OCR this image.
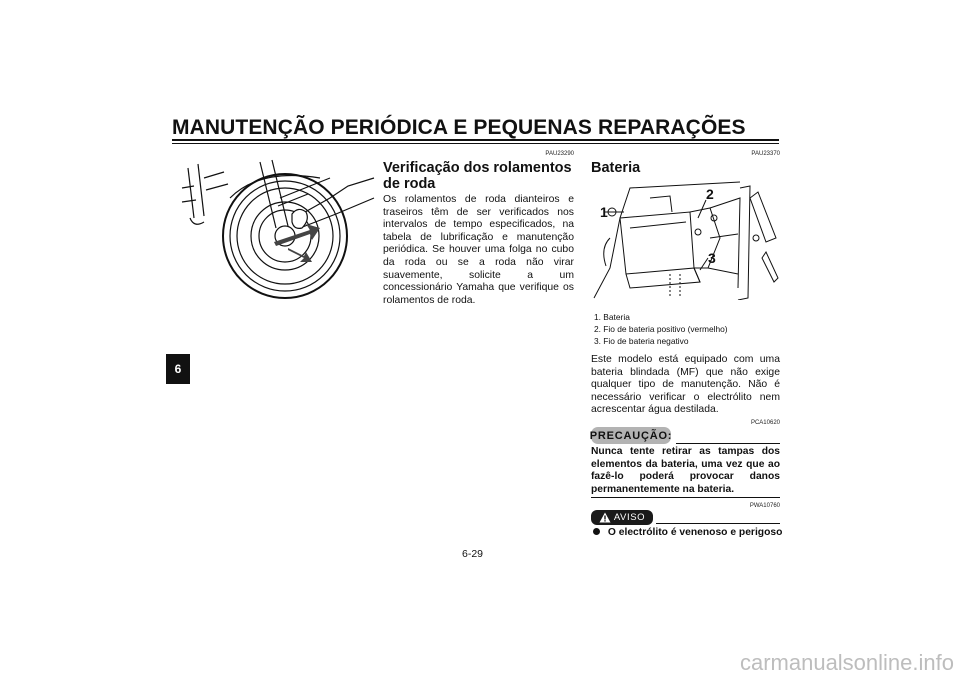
MANUTENÇÃO PERIÓDICA E PEQUENAS REPARAÇÕES
6
PAU23290
Verificação dos rolamentos de roda
Os rolamentos de roda dianteiros e traseiros têm de ser verificados nos intervalos de tempo especificados, na tabela de lubrificação e manutenção periódica. Se houver uma folga no cubo da roda ou se a roda não virar suavemente, solicite a um concessionário Yamaha que verifique os rolamentos de roda.
PAU23370
Bateria
1
2
3
1. Bateria
2. Fio de bateria positivo (vermelho)
3. Fio de bateria negativo
Este modelo está equipado com uma bateria blindada (MF) que não exige qualquer tipo de manutenção. Não é necessário verificar o electrólito nem acrescentar água destilada.
PCA10620
PRECAUÇÃO:
Nunca tente retirar as tampas dos elementos da bateria, uma vez que ao fazê-lo poderá provocar danos permanentemente na bateria.
PWA10760
AVISO
O electrólito é venenoso e perigoso
6-29
carmanualsonline.info
